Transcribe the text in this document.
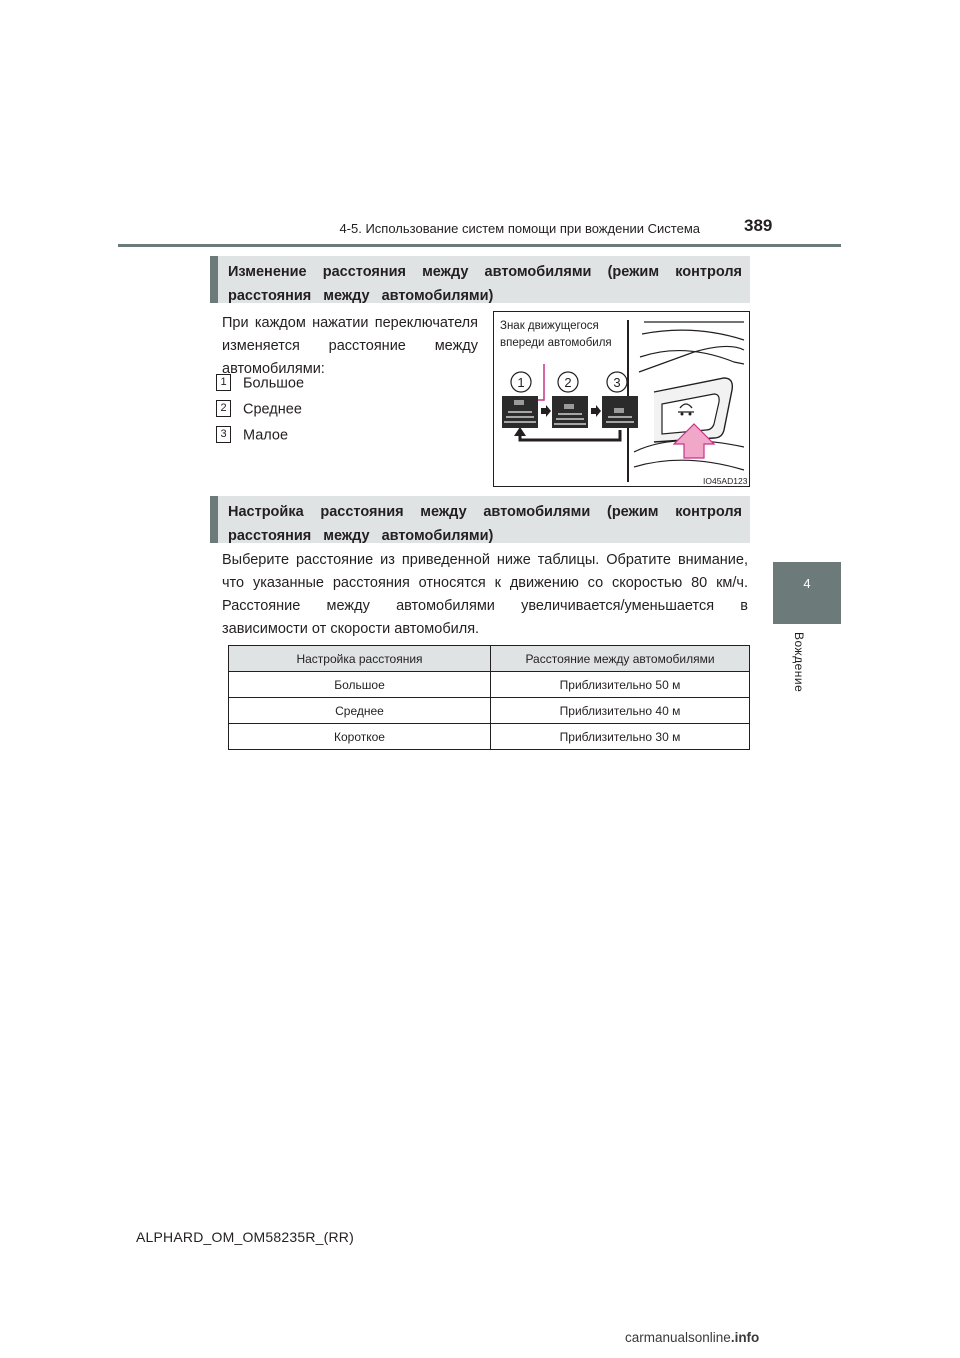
4-5. Использование систем помощи при вождении Система	389
4
Вождение
Изменение расстояния между автомобилями (режим контроля расстояния между автомобилями)
При каждом нажатии переключателя изменяется расстояние между автомобилями:
1 Большое
2 Среднее
3 Малое
1	2	3
Знак движущегося впереди автомобиля
IO45AD123
Настройка расстояния между автомобилями (режим контроля расстояния между автомобилями)
Выберите расстояние из приведенной ниже таблицы. Обратите внимание, что указанные расстояния относятся к движению со скоростью 80 км/ч. Расстояние между автомобилями увеличивается/уменьшается в зависимости от скорости автомобиля.
Настройка расстояния	Расстояние между автомобилями
Большое	Приблизительно 50 м
Среднее	Приблизительно 40 м
Короткое	Приблизительно 30 м
ALPHARD_OM_OM58235R_(RR)
carmanualsonline.info
